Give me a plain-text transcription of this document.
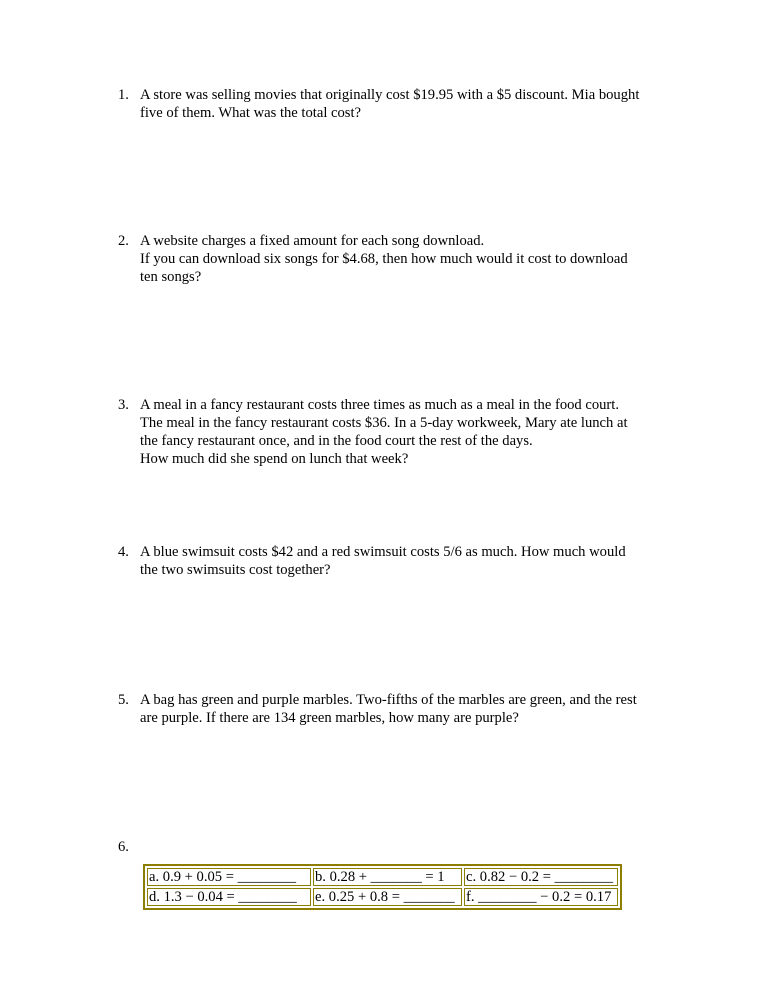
1. A store was selling movies that originally cost $19.95 with a $5 discount. Mia bought
five of them. What was the total cost?
2. A website charges a fixed amount for each song download.
If you can download six songs for $4.68, then how much would it cost to download
ten songs?
3. A meal in a fancy restaurant costs three times as much as a meal in the food court.
The meal in the fancy restaurant costs $36. In a 5-day workweek, Mary ate lunch at
the fancy restaurant once, and in the food court the rest of the days.
How much did she spend on lunch that week?
4. A blue swimsuit costs $42 and a red swimsuit costs 5/6 as much. How much would
the two swimsuits cost together?
5. A bag has green and purple marbles. Two-fifths of the marbles are green, and the rest
are purple. If there are 134 green marbles, how many are purple?
6.
a. 0.9 + 0.05 = ________	b. 0.28 + _______ = 1	c. 0.82 − 0.2 = ________
d. 1.3 − 0.04 = ________	e. 0.25 + 0.8 = _______	f. ________ − 0.2 = 0.17
